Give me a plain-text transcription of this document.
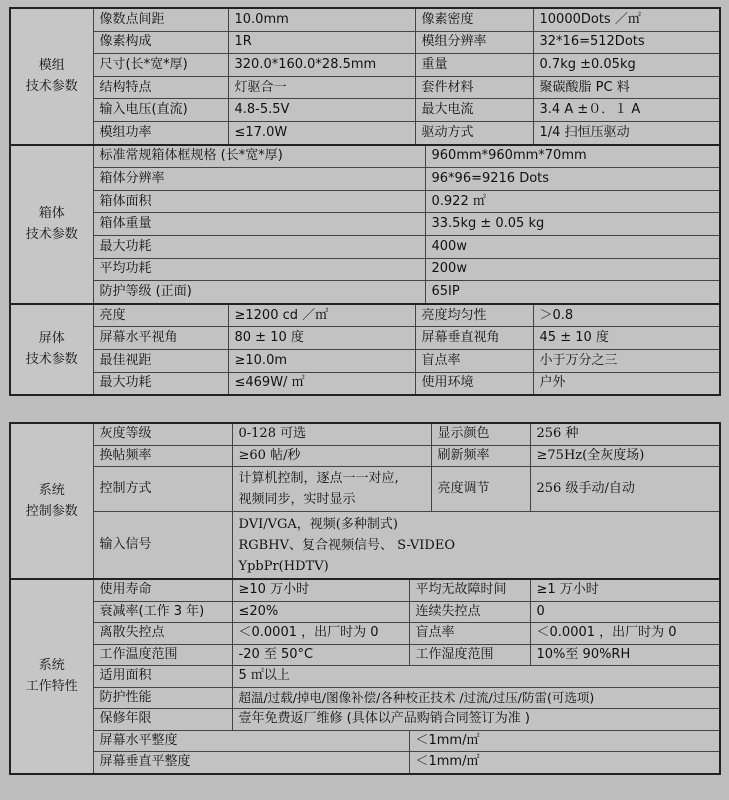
模组
技术参数	像数点间距	10.0mm	像素密度		10000Dots ／㎡
	像素构成	1R	模组分辨率		32*16=512Dots
	尺寸(长*宽*厚)	320.0*160.0*28.5mm	重量		0.7kg ±0.05kg
	结构特点	灯驱合一	套件材料		聚碳酸脂 PC 料
	输入电压(直流)	4.8-5.5V	最大电流		3.4 A ±０．１ A
	模组功率	≤17.0W	驱动方式		1/4 扫恒压驱动

箱体
技术参数	标准常规箱体框规格 (长*宽*厚)			960mm*960mm*70mm	
	箱体分辨率			96*96=9216 Dots	
	箱体面积			0.922 ㎡	
	箱体重量			33.5kg ± 0.05 kg	
	最大功耗			400w	
	平均功耗			200w	
	防护等级 (正面)			65IP	

屏体
技术参数	亮度	≥1200 cd ／㎡	亮度均匀性		＞0.8
	屏幕水平视角	80 ± 10 度	屏幕垂直视角		45 ± 10 度
	最佳视距	≥10.0m	盲点率		小于万分之三
	最大功耗	≤469W/ ㎡	使用环境		户外
系统
控制参数	灰度等级	0-128 可选		显示颜色	256 种
	换帖频率	≥60 帖/秒		刷新频率	≥75Hz(全灰度场)
	控制方式	计算机控制，逐点一一对应,
视频同步，实时显示		亮度调节	256 级手动/自动
	输入信号	DVI/VGA，视频(多种制式)
RGBHV、复合视频信号、 S-VIDEO
YpbPr(HDTV)			

系统
工作特性	使用寿命	≥10 万小时	平均无故障时间		≥1 万小时
	衰减率(工作 3 年)	≤20%	连续失控点		0
	离散失控点	＜0.0001 ，出厂时为 0	盲点率		＜0.0001 ，出厂时为 0
	工作温度范围	-20 至 50°C	工作湿度范围		10%至 90%RH
	适用面积	5 ㎡以上			
	防护性能	超温/过载/掉电/图像补偿/各种校正技术 /过流/过压/防雷(可选项)			
	保修年限	壹年免费返厂维修 (具体以产品购销合同签订为准 )			
	屏幕水平整度		＜1mm/㎡		
	屏幕垂直平整度		＜1mm/㎡		
